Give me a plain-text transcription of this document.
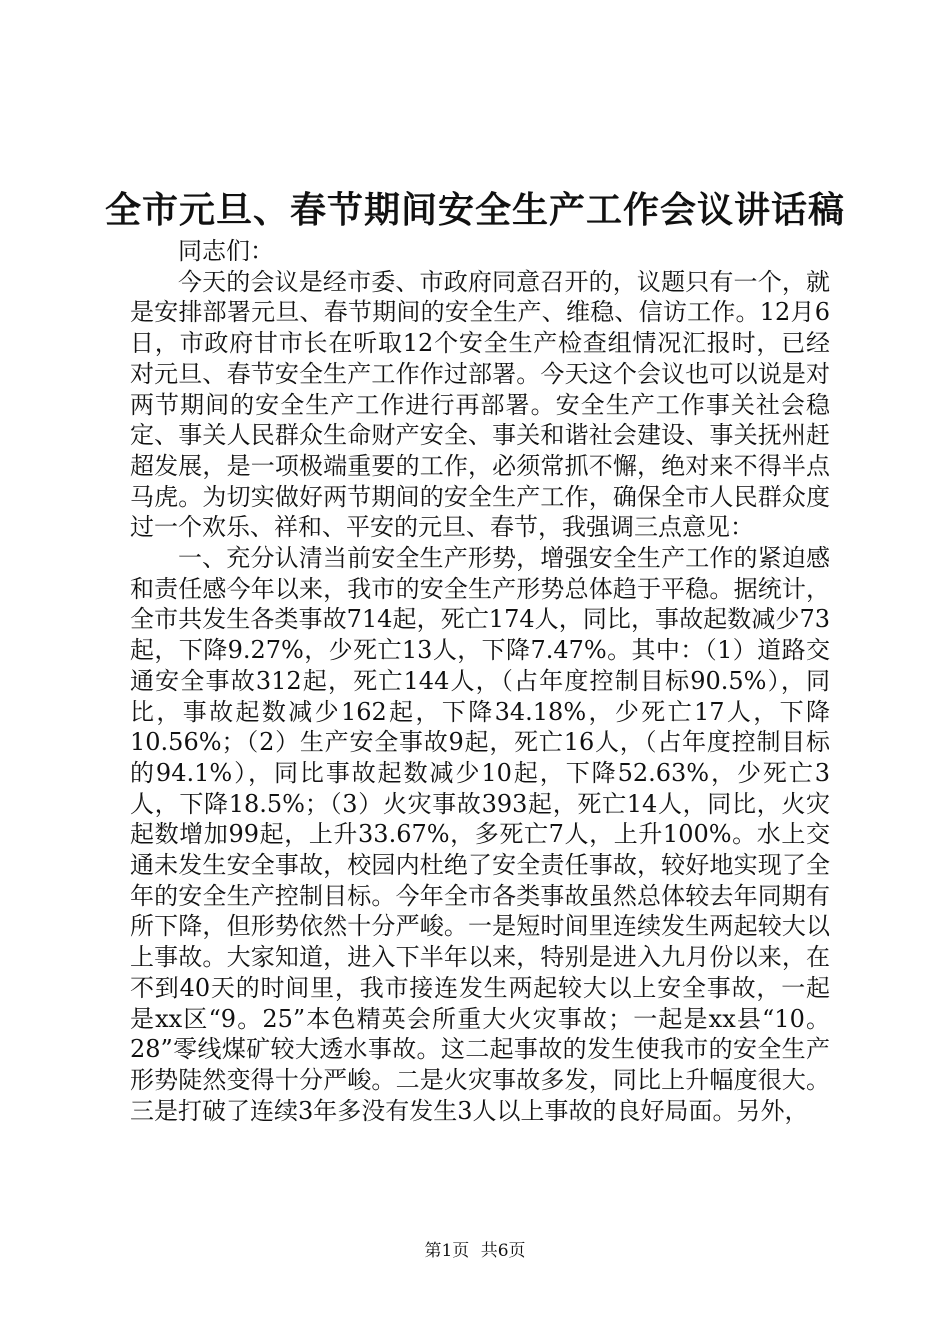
全市元旦、春节期间安全生产工作会议讲话稿

同志们：

今天的会议是经市委、市政府同意召开的，议题只有一个，就是安排部署元旦、春节期间的安全生产、维稳、信访工作。12月6日，市政府甘市长在听取12个安全生产检查组情况汇报时，已经对元旦、春节安全生产工作作过部署。今天这个会议也可以说是对两节期间的安全生产工作进行再部署。安全生产工作事关社会稳定、事关人民群众生命财产安全、事关和谐社会建设、事关抚州赶超发展，是一项极端重要的工作，必须常抓不懈，绝对来不得半点马虎。为切实做好两节期间的安全生产工作，确保全市人民群众度过一个欢乐、祥和、平安的元旦、春节，我强调三点意见：

一、充分认清当前安全生产形势，增强安全生产工作的紧迫感和责任感今年以来，我市的安全生产形势总体趋于平稳。据统计，全市共发生各类事故714起，死亡174人，同比，事故起数减少73起，下降9.27%，少死亡13人，下降7.47%。其中：（1）道路交通安全事故312起，死亡144人，（占年度控制目标90.5%），同比，事故起数减少162起，下降34.18%，少死亡17人，下降10.56%；（2）生产安全事故9起，死亡16人，（占年度控制目标的94.1%），同比事故起数减少10起，下降52.63%，少死亡3人，下降18.5%；（3）火灾事故393起，死亡14人，同比，火灾起数增加99起，上升33.67%，多死亡7人，上升100%。水上交通未发生安全事故，校园内杜绝了安全责任事故，较好地实现了全年的安全生产控制目标。今年全市各类事故虽然总体较去年同期有所下降，但形势依然十分严峻。一是短时间里连续发生两起较大以上事故。大家知道，进入下半年以来，特别是进入九月份以来，在不到40天的时间里，我市接连发生两起较大以上安全事故，一起是xx区“9。25”本色精英会所重大火灾事故；一起是xx县“10。28”零线煤矿较大透水事故。这二起事故的发生使我市的安全生产形势陡然变得十分严峻。二是火灾事故多发，同比上升幅度很大。三是打破了连续3年多没有发生3人以上事故的良好局面。另外，

第1页 共6页
